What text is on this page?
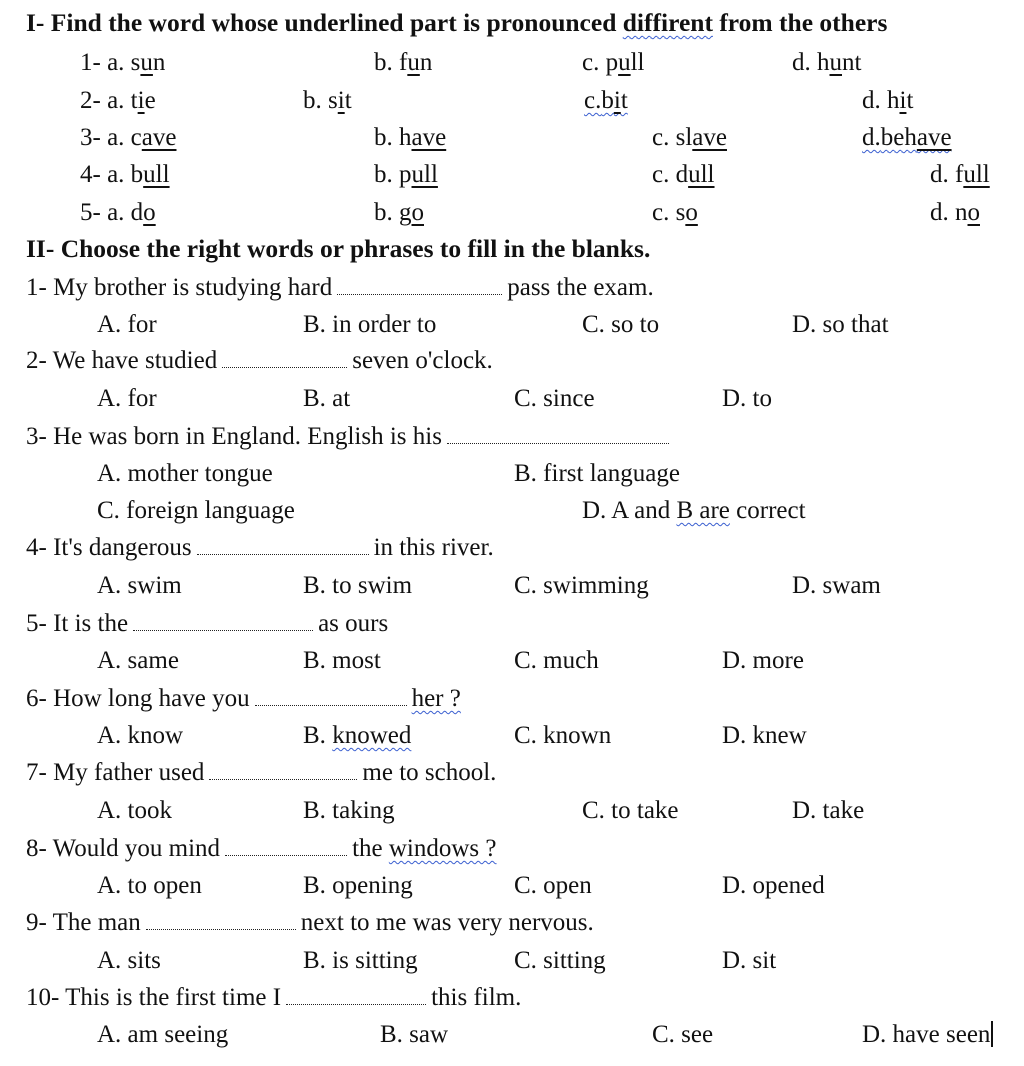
I- Find the word whose underlined part is pronounced diffirent from the others
1- a. sun	b. fun	c. pull	d. hunt
2- a. tie	b. sit	c.bit	d. hit
3- a. cave	b. have	c. slave	d.behave
4- a. bull	b. pull	c. dull	d. full
5- a. do	b. go	c. so	d. no
II- Choose the right words or phrases to fill in the blanks.
1- My brother is studying hard	pass the exam.
A. for	B. in order to	C. so to	D. so that
2- We have studied	seven o'clock.
A. for	B. at	C. since	D. to
3- He was born in England. English is his
A. mother tongue	B. first language
C. foreign language	D. A and B are correct
4- It's dangerous	in this river.
A. swim	B. to swim	C. swimming	D. swam
5- It is the	as ours
A. same	B. most	C. much	D. more
6- How long have you	her ?
A. know	B. knowed	C. known	D. knew
7- My father used	me to school.
A. took	B. taking	C. to take	D. take
8- Would you mind	the windows ?
A. to open	B. opening	C. open	D. opened
9- The man	next to me was very nervous.
A. sits	B. is sitting	C. sitting	D. sit
10- This is the first time I	this film.
A. am seeing	B. saw	C. see	D. have seen
